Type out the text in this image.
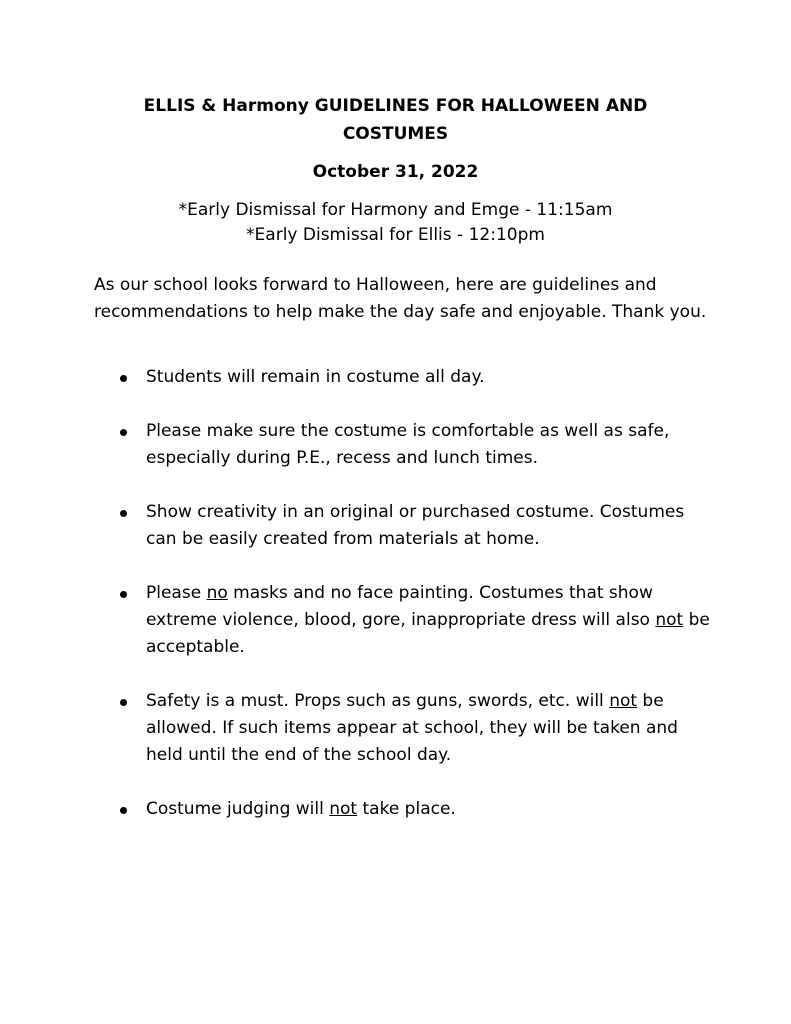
ELLIS & Harmony GUIDELINES FOR HALLOWEEN AND COSTUMES
October 31, 2022
*Early Dismissal for Harmony and Emge - 11:15am
*Early Dismissal for Ellis - 12:10pm
As our school looks forward to Halloween, here are guidelines and recommendations to help make the day safe and enjoyable. Thank you.
Students will remain in costume all day.
Please make sure the costume is comfortable as well as safe, especially during P.E., recess and lunch times.
Show creativity in an original or purchased costume. Costumes can be easily created from materials at home.
Please no masks and no face painting. Costumes that show extreme violence, blood, gore, inappropriate dress will also not be acceptable.
Safety is a must. Props such as guns, swords, etc. will not be allowed. If such items appear at school, they will be taken and held until the end of the school day.
Costume judging will not take place.
